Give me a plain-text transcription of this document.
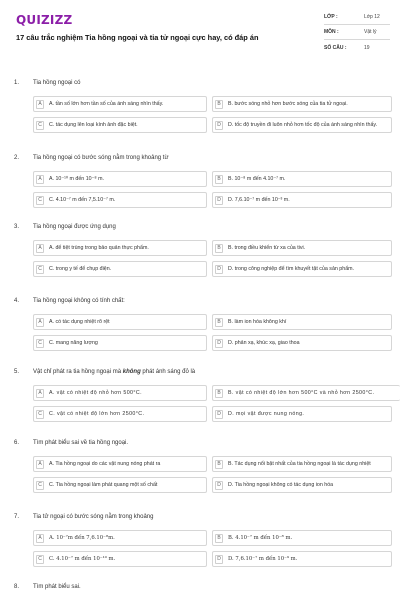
QUIZIZZ
17 câu trắc nghiệm Tia hồng ngoại và tia tử ngoại cực hay, có đáp án
LỚP :	Lớp 12
MÔN :	Vật lý
SỐ CÂU :	19
1. Tia hồng ngoại có
A	A. tần số lớn hơn tần số của ánh sáng nhìn thấy.	B	B. bước sóng nhỏ hơn bước sóng của tia tử ngoại.
C	C. tác dụng lên loại kính ảnh đặc biệt.	D	D. tốc độ truyền đi luôn nhỏ hơn tốc độ của ánh sáng nhìn thấy.
2. Tia hồng ngoại có bước sóng nằm trong khoảng từ
A	A. 10⁻¹⁰ m đến 10⁻⁸ m.	B	B. 10⁻⁸ m đến 4.10⁻⁷ m.
C	C. 4.10⁻⁷ m đến 7,5.10⁻⁷ m.	D	D. 7,6.10⁻⁷ m đến 10⁻³ m.
3. Tia hồng ngoại được ứng dụng
A	A. để tiệt trùng trong bảo quản thực phẩm.	B	B. trong điều khiển từ xa của tivi.
C	C. trong y tế để chụp điện.	D	D. trong công nghiệp để tìm khuyết tật của sản phẩm.
4. Tia hồng ngoại không có tính chất:
A	A. có tác dụng nhiệt rõ rệt	B	B. làm ion hóa không khí
C	C. mang năng lượng	D	D. phản xạ, khúc xạ, giao thoa
5. Vật chỉ phát ra tia hồng ngoại mà không phát ánh sáng đỏ là
A	A. vật có nhiệt độ nhỏ hơn 500°C.	B	B. vật có nhiệt độ lớn hơn 500°C và nhỏ hơn 2500°C.
C	C. vật có nhiệt độ lớn hơn 2500°C.	D	D. mọi vật được nung nóng.
6. Tìm phát biểu sai về tia hồng ngoại.
A	A. Tia hồng ngoại do các vật nung nóng phát ra	B	B. Tác dụng nổi bật nhất của tia hồng ngoại là tác dụng nhiệt
C	C. Tia hồng ngoại làm phát quang một số chất	D	D. Tia hồng ngoại không có tác dụng ion hóa
7. Tia tử ngoại có bước sóng nằm trong khoảng
A	A. 10⁻⁷m đến 7,6.10⁻⁸m.	B	B. 4.10⁻⁷ m đến 10⁻⁸ m.
C	C. 4.10⁻⁷ m đến 10⁻¹⁰ m.	D	D. 7,6.10⁻⁷ m đến 10⁻⁹ m.
8. Tìm phát biểu sai.
